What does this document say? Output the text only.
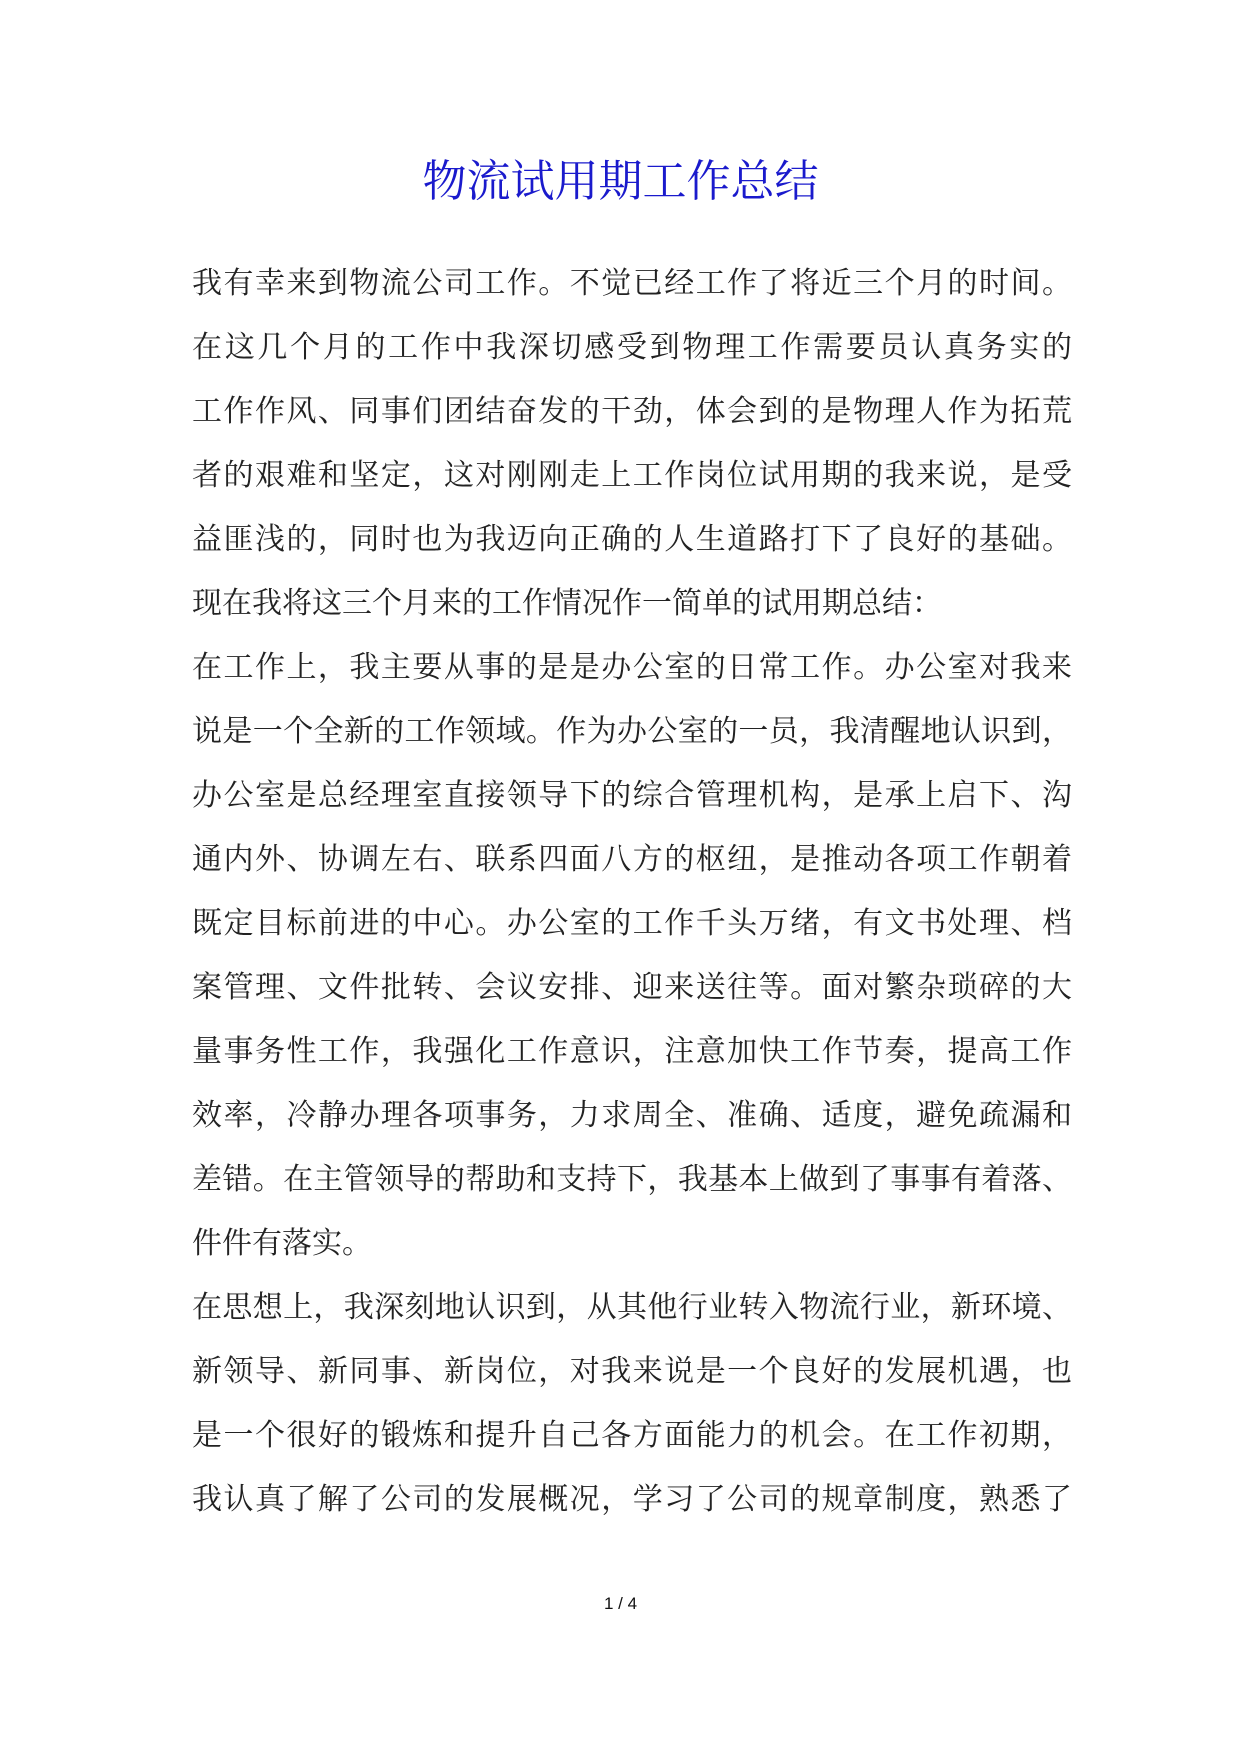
物流试用期工作总结
我有幸来到物流公司工作。不觉已经工作了将近三个月的时间。
在这几个月的工作中我深切感受到物理工作需要员认真务实的
工作作风、同事们团结奋发的干劲，体会到的是物理人作为拓荒
者的艰难和坚定，这对刚刚走上工作岗位试用期的我来说，是受
益匪浅的，同时也为我迈向正确的人生道路打下了良好的基础。
现在我将这三个月来的工作情况作一简单的试用期总结：
在工作上，我主要从事的是是办公室的日常工作。办公室对我来
说是一个全新的工作领域。作为办公室的一员，我清醒地认识到，
办公室是总经理室直接领导下的综合管理机构，是承上启下、沟
通内外、协调左右、联系四面八方的枢纽，是推动各项工作朝着
既定目标前进的中心。办公室的工作千头万绪，有文书处理、档
案管理、文件批转、会议安排、迎来送往等。面对繁杂琐碎的大
量事务性工作，我强化工作意识，注意加快工作节奏，提高工作
效率，冷静办理各项事务，力求周全、准确、适度，避免疏漏和
差错。在主管领导的帮助和支持下，我基本上做到了事事有着落、
件件有落实。
在思想上，我深刻地认识到，从其他行业转入物流行业，新环境、
新领导、新同事、新岗位，对我来说是一个良好的发展机遇，也
是一个很好的锻炼和提升自己各方面能力的机会。在工作初期，
我认真了解了公司的发展概况，学习了公司的规章制度，熟悉了
1 / 4
